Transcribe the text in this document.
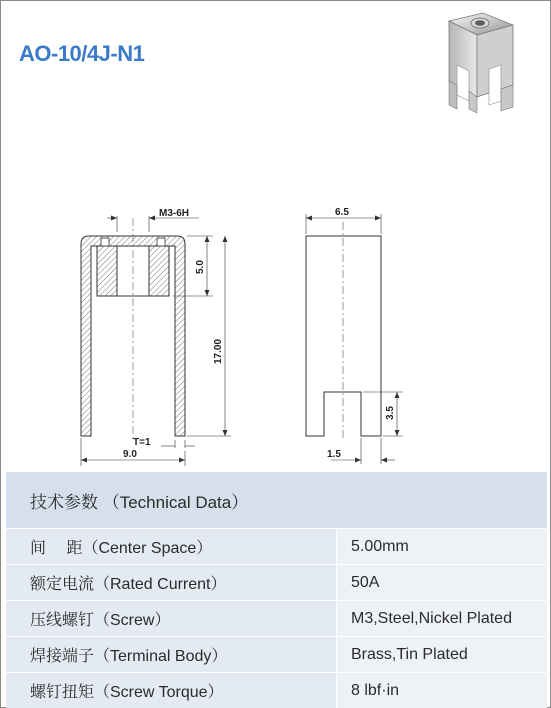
AO-10/4J-N1
M3-6H
5.0
17.00
T=1
9.0
6.5
3.5
1.5
技术参数 （Technical Data）	
间　 距（Center Space）	5.00mm
额定电流（Rated Current）	50A
压线螺钉（Screw）	M3,Steel,Nickel Plated
焊接端子（Terminal Body）	Brass,Tin Plated
螺钉扭矩（Screw Torque）	8 lbf·in
